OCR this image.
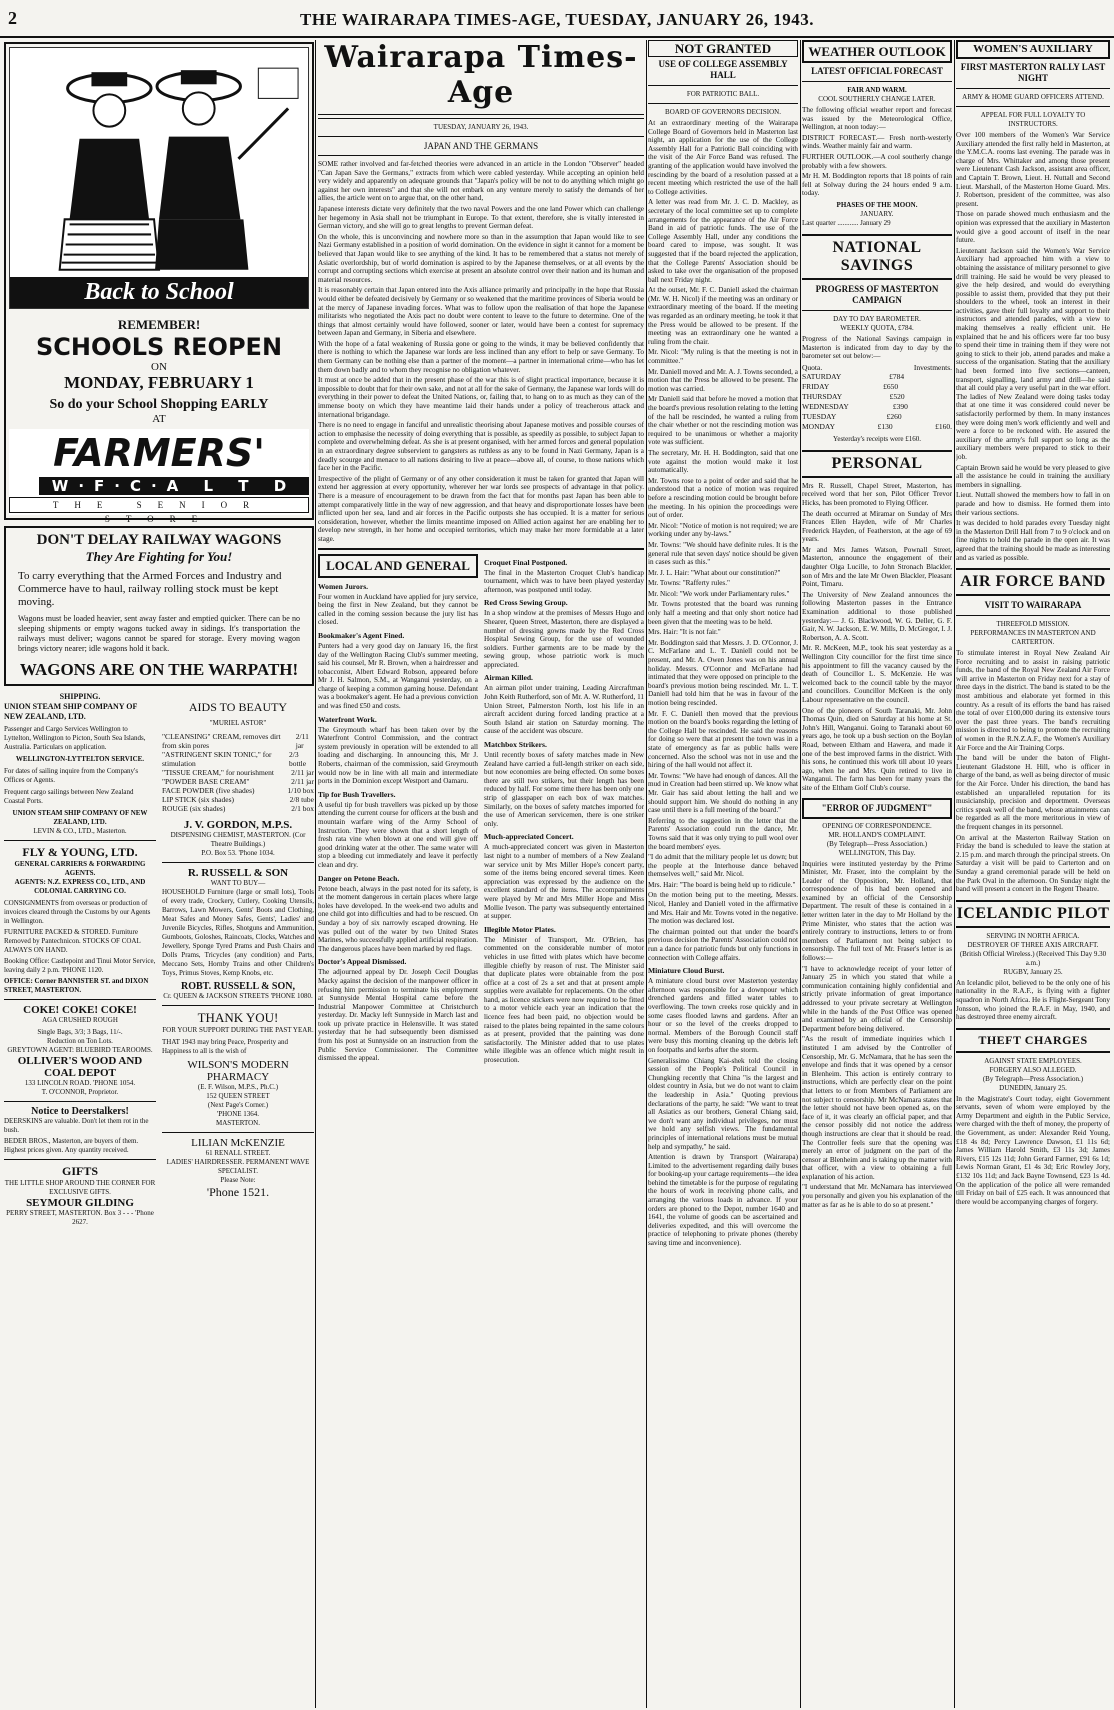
2	THE WAIRARAPA TIMES-AGE, TUESDAY, JANUARY 26, 1943.
Back to School
REMEMBER!
SCHOOLS REOPEN
ON
MONDAY, FEBRUARY 1
So do your School Shopping EARLY
AT
FARMERS'
W·F·C·A L T D
THE SENIOR STORE
DON'T DELAY RAILWAY WAGONS
They Are Fighting for You!
To carry everything that the Armed Forces and Industry and Commerce have to haul, railway rolling stock must be kept moving.
Wagons must be loaded heavier, sent away faster and emptied quicker. There can be no sleeping shipments or empty wagons tucked away in sidings. It's transportation the railways must deliver; wagons cannot be spared for storage. Every moving wagon brings victory nearer; idle wagons hold it back.
WAGONS ARE ON THE WARPATH!
SHIPPING.
UNION STEAM SHIP COMPANY OF NEW ZEALAND, LTD.
Passenger and Cargo Services Wellington to Lyttelton, Wellington to Picton, South Sea Islands, Australia. Particulars on application.
WELLINGTON-LYTTELTON SERVICE.
For dates of sailing inquire from the Company's Offices or Agents.
Frequent cargo sailings between New Zealand Coastal Ports.
UNION STEAM SHIP COMPANY OF NEW ZEALAND, LTD.
LEVIN & CO., LTD., Masterton.
FLY & YOUNG, LTD.
GENERAL CARRIERS & FORWARDING AGENTS.
AGENTS: N.Z. EXPRESS CO., LTD., AND COLONIAL CARRYING CO.
CONSIGNMENTS from overseas or production of invoices cleared through the Customs by our Agents in Wellington.
FURNITURE PACKED & STORED. Furniture Removed by Pantechnicon. STOCKS OF COAL ALWAYS ON HAND.
Booking Office: Castlepoint and Tinui Motor Service, leaving daily 2 p.m. 'PHONE 1120.
OFFICE: Corner BANNISTER ST. and DIXON STREET, MASTERTON.
COKE! COKE! COKE!
AGA CRUSHED ROUGH
Single Bags, 3/3; 3 Bags, 11/-.
Reduction on Ton Lots.
GREYTOWN AGENT: BLUEBIRD TEAROOMS.
OLLIVER'S WOOD AND COAL DEPOT
133 LINCOLN ROAD. 'PHONE 1054.
T. O'CONNOR, Proprietor.
Notice to Deerstalkers!
DEERSKINS are valuable. Don't let them rot in the bush.
BEDER BROS., Masterton, are buyers of them. Highest prices given. Any quantity received.
GIFTS
THE LITTLE SHOP AROUND THE CORNER FOR EXCLUSIVE GIFTS.
SEYMOUR GILDING
PERRY STREET, MASTERTON. Box 3 - - - 'Phone 2627.
AIDS TO BEAUTY
"MURIEL ASTOR"
"CLEANSING" CREAM, removes dirt from skin pores
2/11 jar
"ASTRINGENT SKIN TONIC," for stimulation
2/3 bottle
"TISSUE CREAM," for nourishment 2/11 jar
"POWDER BASE CREAM"	2/11 jar
FACE POWDER (five shades)	1/10 box
LIP STICK (six shades)	2/8 tube
ROUGE (six shades)	2/1 box
J. V. GORDON, M.P.S.
DISPENSING CHEMIST, MASTERTON. (Cor Theatre Buildings.)
P.O. Box 53. 'Phone 1034.
R. RUSSELL & SON
WANT TO BUY—
HOUSEHOLD Furniture (large or small lots), Tools of every trade, Crockery, Cutlery, Cooking Utensils, Barrows, Lawn Mowers, Gents' Boots and Clothing, Meat Safes and Money Safes, Gents', Ladies' and Juvenile Bicycles, Rifles, Shotguns and Ammunition, Gumboots, Goloshes, Raincoats, Clocks, Watches and Jewellery, Sponge Tyred Prams and Push Chairs and Dolls Prams, Tricycles (any condition) and Parts, Meccano Sets, Hornby Trains and other Children's Toys, Primus Stoves, Kemp Knobs, etc.
ROBT. RUSSELL & SON,
Cr. QUEEN & JACKSON STREETS 'PHONE 1080.
THANK YOU!
FOR YOUR SUPPORT DURING THE PAST YEAR.
THAT 1943 may bring Peace, Prosperity and Happiness to all is the wish of
WILSON'S MODERN PHARMACY
(E. F. Wilson, M.P.S., Ph.C.)
152 QUEEN STREET
(Next Page's Corner.)
'PHONE 1364.
MASTERTON.
LILIAN McKENZIE
61 RENALL STREET.
LADIES' HAIRDRESSER. PERMANENT WAVE SPECIALIST.
Please Note:
'Phone 1521.
Wairarapa Times-Age
TUESDAY, JANUARY 26, 1943.
JAPAN AND THE GERMANS
SOME rather involved and far-fetched theories were advanced in an article in the London "Observer" headed "Can Japan Save the Germans," extracts from which were cabled yesterday. While accepting an opinion held very widely and apparently on adequate grounds that "Japan's policy will be not to do anything which might go against her own interests" and that she will not embark on any venture merely to satisfy the demands of her allies, the article went on to argue that, on the other hand,
Japanese interests dictate very definitely that the two naval Powers and the one land Power which can challenge her hegemony in Asia shall not be triumphant in Europe. To that extent, therefore, she is vitally interested in German victory, and she will go to great lengths to prevent German defeat.
On the whole, this is unconvincing and nowhere more so than in the assumption that Japan would like to see Nazi Germany established in a position of world domination. On the evidence in sight it cannot for a moment be believed that Japan would like to see anything of the kind. It has to be remembered that a status not merely of Asiatic overlordship, but of world domination is aspired to by the Japanese themselves, or at all events by the corrupt and corrupting sections which exercise at present an absolute control over their nation and its human and material resources.
It is reasonably certain that Japan entered into the Axis alliance primarily and principally in the hope that Russia would either be defeated decisively by Germany or so weakened that the maritime provinces of Siberia would be at the mercy of Japanese invading forces. What was to follow upon the realisation of that hope the Japanese militarists who negotiated the Axis pact no doubt were content to leave to the future to determine. One of the things that almost certainly would have followed, sooner or later, would have been a contest for supremacy between Japan and Germany, in Siberia and elsewhere.
With the hope of a fatal weakening of Russia gone or going to the winds, it may be believed confidently that there is nothing to which the Japanese war lords are less inclined than any effort to help or save Germany. To them Germany can be nothing else than a partner of the moment—a partner in international crime—who has let them down badly and to whom they recognise no obligation whatever.
It must at once be added that in the present phase of the war this is of slight practical importance, because it is impossible to doubt that for their own sake, and not at all for the sake of Germany, the Japanese war lords will do everything in their power to defeat the United Nations, or, failing that, to hang on to as much as they can of the immense booty on which they have meantime laid their hands under a policy of treacherous attack and international brigandage.
There is no need to engage in fanciful and unrealistic theorising about Japanese motives and possible courses of action to emphasise the necessity of doing everything that is possible, as speedily as possible, to subject Japan to complete and overwhelming defeat. As she is at present organised, with her armed forces and general population in an extraordinary degree subservient to gangsters as ruthless as any to be found in Nazi Germany, Japan is a deadly scourge and menace to all nations desiring to live at peace—above all, of course, to those nations which face her in the Pacific.
Irrespective of the plight of Germany or of any other consideration it must be taken for granted that Japan will extend her aggression at every opportunity, wherever her war lords see prospects of advantage in that policy. There is a measure of encouragement to be drawn from the fact that for months past Japan has been able to attempt comparatively little in the way of new aggression, and that heavy and disproportionate losses have been inflicted upon her sea, land and air forces in the Pacific outposts she has occupied. It is a matter for serious consideration, however, whether the limits meantime imposed on Allied action against her are enabling her to develop new strength, in her home and occupied territories, which may make her more formidable at a later stage.
LOCAL AND GENERAL
Women Jurors.
Four women in Auckland have applied for jury service, being the first in New Zealand, but they cannot be called in the coming session because the jury list has closed.
Bookmaker's Agent Fined.
Punters had a very good day on January 16, the first day of the Wellington Racing Club's summer meeting, said his counsel, Mr R. Brown, when a hairdresser and tobacconist, Albert Edward Robson, appeared before Mr J. H. Salmon, S.M., at Wanganui yesterday, on a charge of keeping a common gaming house. Defendant was a bookmaker's agent. He had a previous conviction and was fined £50 and costs.
Waterfront Work.
The Greymouth wharf has been taken over by the Waterfront Control Commission, and the contract system previously in operation will be extended to all loading and discharging. In announcing this, Mr J. Roberts, chairman of the commission, said Greymouth would now be in line with all main and intermediate ports in the Dominion except Westport and Oamaru.
Tip for Bush Travellers.
A useful tip for bush travellers was picked up by those attending the current course for officers at the bush and mountain warfare wing of the Army School of Instruction. They were shown that a short length of fresh rata vine when blown at one end will give off good drinking water at the other. The same water will stop a bleeding cut immediately and leave it perfectly clean and dry.
Danger on Petone Beach.
Petone beach, always in the past noted for its safety, is at the moment dangerous in certain places where large holes have developed. In the week-end two adults and one child got into difficulties and had to be rescued. On Sunday a boy of six narrowly escaped drowning. He was pulled out of the water by two United States Marines, who successfully applied artificial respiration. The dangerous places have been marked by red flags.
Doctor's Appeal Dismissed.
The adjourned appeal by Dr. Joseph Cecil Douglas Macky against the decision of the manpower officer in refusing him permission to terminate his employment at Sunnyside Mental Hospital came before the Industrial Manpower Committee at Christchurch yesterday. Dr. Macky left Sunnyside in March last and took up private practice in Helensville. It was stated yesterday that he had subsequently been dismissed from his post at Sunnyside on an instruction from the Public Service Commissioner. The Committee dismissed the appeal.
Croquet Final Postponed.
The final in the Masterton Croquet Club's handicap tournament, which was to have been played yesterday afternoon, was postponed until today.
Red Cross Sewing Group.
In a shop window at the premises of Messrs Hugo and Shearer, Queen Street, Masterton, there are displayed a number of dressing gowns made by the Red Cross Hospital Sewing Group, for the use of wounded soldiers. Further garments are to be made by the sewing group, whose patriotic work is much appreciated.
Airman Killed.
An airman pilot under training, Leading Aircraftman John Keith Rutherford, son of Mr. A. W. Rutherford, 11 Union Street, Palmerston North, lost his life in an aircraft accident during forced landing practice at a South Island air station on Saturday morning. The cause of the accident was obscure.
Matchbox Strikers.
Until recently boxes of safety matches made in New Zealand have carried a full-length striker on each side, but now economies are being effected. On some boxes there are still two strikers, but their length has been reduced by half. For some time there has been only one strip of glasspaper on each box of wax matches. Similarly, on the boxes of safety matches imported for the use of American servicemen, there is one striker only.
Much-appreciated Concert.
A much-appreciated concert was given in Masterton last night to a number of members of a New Zealand war service unit by Mrs Miller Hope's concert party, some of the items being encored several times. Keen appreciation was expressed by the audience on the excellent standard of the items. The accompaniments were played by Mr and Mrs Miller Hope and Miss Mollie Iveson. The party was subsequently entertained at supper.
Illegible Motor Plates.
The Minister of Transport, Mr. O'Brien, has commented on the considerable number of motor vehicles in use fitted with plates which have become illegible chiefly by reason of rust. The Minister said that duplicate plates were obtainable from the post office at a cost of 2s a set and that at present ample supplies were available for replacements. On the other hand, as licence stickers were now required to be fitted to a motor vehicle each year an indication that the licence fees had been paid, no objection would be raised to the plates being repainted in the same colours as at present, provided that the painting was done satisfactorily. The Minister added that to use plates while illegible was an offence which might result in prosecution.
NOT GRANTED
USE OF COLLEGE ASSEMBLY HALL
FOR PATRIOTIC BALL.
BOARD OF GOVERNORS DECISION.
At an extraordinary meeting of the Wairarapa College Board of Governors held in Masterton last night, an application for the use of the College Assembly Hall for a Patriotic Ball coinciding with the visit of the Air Force Band was refused. The granting of the application would have involved the rescinding by the board of a resolution passed at a recent meeting which restricted the use of the hall to College activities.
A letter was read from Mr. J. C. D. Mackley, as secretary of the local committee set up to complete arrangements for the appearance of the Air Force Band in aid of patriotic funds. The use of the College Assembly Hall, under any conditions the board cared to impose, was sought. It was suggested that if the board rejected the application, that the College Parents' Association should be asked to take over the organisation of the proposed ball next Friday night.
At the outset, Mr. F. C. Daniell asked the chairman (Mr. W. H. Nicol) if the meeting was an ordinary or extraordinary meeting of the board. If the meeting was regarded as an ordinary meeting, he took it that the Press would be allowed to be present. If the meeting was an extraordinary one he wanted a ruling from the chair.
Mr. Nicol: "My ruling is that the meeting is not in committee."
Mr. Daniell moved and Mr. A. J. Towns seconded, a motion that the Press be allowed to be present. The motion was carried.
Mr Daniell said that before he moved a motion that the board's previous resolution relating to the letting of the hall be rescinded, he wanted a ruling from the chair whether or not the rescinding motion was required to be unanimous or whether a majority vote was sufficient.
The secretary, Mr. H. H. Boddington, said that one vote against the motion would make it lost automatically.
Mr. Towns rose to a point of order and said that he understood that a notice of motion was required before a rescinding motion could be brought before the meeting. In his opinion the proceedings were out of order.
Mr. Nicol: "Notice of motion is not required; we are working under any by-laws."
Mr. Towns: "We should have definite rules. It is the general rule that seven days' notice should be given in cases such as this."
Mr. J. L. Hair: "What about our constitution?"
Mr. Towns: "Rafferty rules."
Mr. Nicol: "We work under Parliamentary rules."
Mr. Towns protested that the board was running only half a meeting and that only short notice had been given that the meeting was to be held.
Mrs. Hair: "It is not fair."
Mr. Boddington said that Messrs. J. D. O'Connor, J. C. McFarlane and L. T. Daniell could not be present, and Mr. A. Owen Jones was on his annual holiday. Messrs. O'Connor and McFarlane had intimated that they were opposed on principle to the board's previous motion being rescinded. Mr. L. T. Daniell had told him that he was in favour of the motion being rescinded.
Mr. F. C. Daniell then moved that the previous motion on the board's books regarding the letting of the College Hall be rescinded. He said the reasons for doing so were that at present the town was in a state of emergency as far as public halls were concerned. Also the school was not in use and the hiring of the hall would not affect it.
Mr. Towns: "We have had enough of dances. All the mud in Creation had been stirred up. We know what Mr. Gair has said about letting the hall and we should support him. We should do nothing in any case until there is a full meeting of the board."
Referring to the suggestion in the letter that the Parents' Association could run the dance, Mr. Towns said that it was only trying to pull wool over the board members' eyes.
"I do admit that the military people let us down; but the people at the Interhouse dance behaved themselves well," said Mr. Nicol.
Mrs. Hair: "The board is being held up to ridicule."
On the motion being put to the meeting, Messrs. Nicol, Hanley and Daniell voted in the affirmative and Mrs. Hair and Mr. Towns voted in the negative. The motion was declared lost.
The chairman pointed out that under the board's previous decision the Parents' Association could not run a dance for patriotic funds but only functions in connection with College affairs.
Miniature Cloud Burst.
A miniature cloud burst over Masterton yesterday afternoon was responsible for a downpour which drenched gardens and filled water tables to overflowing. The town creeks rose quickly and in some cases flooded lawns and gardens. After an hour or so the level of the creeks dropped to normal. Members of the Borough Council staff were busy this morning cleaning up the debris left on footpaths and kerbs after the storm.
Generalissimo Chiang Kai-shek told the closing session of the People's Political Council in Chungking recently that China "is the largest and oldest country in Asia, but we do not want to claim the leadership in Asia." Quoting previous declarations of the party, he said: "We want to treat all Asiatics as our brothers, General Chiang said, we don't want any individual privileges, nor must we hold any selfish views. The fundamental principles of international relations must be mutual help and sympathy," he said.
Attention is drawn by Transport (Wairarapa) Limited to the advertisement regarding daily buses for booking-up your cartage requirements—the idea behind the timetable is for the purpose of regulating the hours of work in receiving phone calls, and arranging the various loads in advance. If your orders are phoned to the Depot, number 1640 and 1641, the volume of goods can be ascertained and deliveries expedited, and this will overcome the practice of telephoning to private phones (thereby saving time and inconvenience).
WEATHER OUTLOOK
LATEST OFFICIAL FORECAST
FAIR AND WARM.
COOL SOUTHERLY CHANGE LATER.
The following official weather report and forecast was issued by the Meteorological Office, Wellington, at noon today:—
DISTRICT FORECAST.— Fresh north-westerly winds. Weather mainly fair and warm.
FURTHER OUTLOOK.—A cool southerly change probably with a few showers.
Mr H. M. Boddington reports that 18 points of rain fell at Solway during the 24 hours ended 9 a.m. today.
PHASES OF THE MOON.
JANUARY.
Last quarter ............ January 29
NATIONAL SAVINGS
PROGRESS OF MASTERTON CAMPAIGN
DAY TO DAY BAROMETER.
WEEKLY QUOTA, £784.
Progress of the National Savings campaign in Masterton is indicated from day to day by the barometer set out below:—
Quota.	Investments.
SATURDAY	£784
FRIDAY	£650
THURSDAY	£520
WEDNESDAY	£390
TUESDAY	£260
MONDAY	£130	£160.
Yesterday's receipts were £160.
PERSONAL
Mrs R. Russell, Chapel Street, Masterton, has received word that her son, Pilot Officer Trevor Hicks, has been promoted to Flying Officer.
The death occurred at Miramar on Sunday of Mrs Frances Ellen Hayden, wife of Mr Charles Frederick Hayden, of Featherston, at the age of 69 years.
Mr and Mrs James Watson, Pownall Street, Masterton, announce the engagement of their daughter Olga Lucille, to John Stronach Blackler, son of Mrs and the late Mr Owen Blackler, Pleasant Point, Timaru.
The University of New Zealand announces the following Masterton passes in the Entrance Examination additional to those published yesterday:— J. G. Blackwood, W. G. Deller, G. F. Gair, N. W. Jackson, E. W. Mills, D. McGregor, I. J. Robertson, A. A. Scott.
Mr. R. McKeen, M.P., took his seat yesterday as a Wellington City councillor for the first time since his appointment to fill the vacancy caused by the death of Councillor L. S. McKenzie. He was welcomed back to the council table by the mayor and councillors. Councillor McKeen is the only Labour representative on the council.
One of the pioneers of South Taranaki, Mr. John Thomas Quin, died on Saturday at his home at St. John's Hill, Wanganui. Going to Taranaki about 60 years ago, he took up a bush section on the Boylan Road, between Eltham and Hawera, and made it one of the best improved farms in the district. With his sons, he continued this work till about 10 years ago, when he and Mrs. Quin retired to live in Wanganui. The farm has been for many years the site of the Eltham Golf Club's course.
"ERROR OF JUDGMENT"
OPENING OF CORRESPONDENCE.
MR. HOLLAND'S COMPLAINT.
(By Telegraph—Press Association.)
WELLINGTON, This Day.
Inquiries were instituted yesterday by the Prime Minister, Mr. Fraser, into the complaint by the Leader of the Opposition, Mr. Holland, that correspondence of his had been opened and examined by an official of the Censorship Department. The result of these is contained in a letter written later in the day to Mr Holland by the Prime Minister, who states that the action was entirely contrary to instructions, letters to or from members of Parliament not being subject to censorship. The full text of Mr. Fraser's letter is as follows:—
"I have to acknowledge receipt of your letter of January 25 in which you stated that while a communication containing highly confidential and strictly private information of great importance addressed to your private secretary at Wellington while in the hands of the Post Office was opened and examined by an official of the Censorship Department before being delivered.
"As the result of immediate inquiries which I instituted I am advised by the Controller of Censorship, Mr. G. McNamara, that he has seen the envelope and finds that it was opened by a censor in Blenheim. This action is entirely contrary to instructions, which are perfectly clear on the point that letters to or from Members of Parliament are not subject to censorship. Mr McNamara states that the letter should not have been opened as, on the face of it, it was clearly an official paper, and that the censor possibly did not notice the address though instructions are clear that it should be read. The Controller feels sure that the opening was merely an error of judgment on the part of the censor at Blenheim and is taking up the matter with that officer, with a view to obtaining a full explanation of his action.
"I understand that Mr. McNamara has interviewed you personally and given you his explanation of the matter as far as he is able to do so at present."
WOMEN'S AUXILIARY
FIRST MASTERTON RALLY LAST NIGHT
ARMY & HOME GUARD OFFICERS ATTEND.
APPEAL FOR FULL LOYALTY TO INSTRUCTORS.
Over 100 members of the Women's War Service Auxiliary attended the first rally held in Masterton, at the Y.M.C.A. rooms last evening. The parade was in charge of Mrs. Whittaker and among those present were Lieutenant Cash Jackson, assistant area officer, and Captain T. Brown, Lieut. H. Nuttall and Second Lieut. Marshall, of the Masterton Home Guard. Mrs. J. Robertson, president of the committee, was also present.
Those on parade showed much enthusiasm and the opinion was expressed that the auxiliary in Masterton would give a good account of itself in the near future.
Lieutenant Jackson said the Women's War Service Auxiliary had approached him with a view to obtaining the assistance of military personnel to give drill training. He said he would be very pleased to give the help desired, and would do everything possible to assist them, provided that they put their shoulders to the wheel, took an interest in their activities, gave their full loyalty and support to their instructors and attended parades, with a view to making themselves a really efficient unit. He explained that he and his officers were far too busy to spend their time in training them if they were not going to stick to their job, attend parades and make a success of the organisation. Stating that the auxiliary had been formed into five sections—canteen, transport, signalling, land army and drill—he said that all could play a very useful part in the war effort. The ladies of New Zealand were doing tasks today that at one time it was considered could never be satisfactorily performed by them. In many instances they were doing men's work efficiently and well and were a force to be reckoned with. He assured the auxiliary of the army's full support so long as the auxiliary members were prepared to stick to their job.
Captain Brown said he would be very pleased to give all the assistance he could in training the auxiliary members in signalling.
Lieut. Nuttall showed the members how to fall in on parade and how to dismiss. He formed them into their various sections.
It was decided to hold parades every Tuesday night in the Masterton Drill Hall from 7 to 9 o'clock and on fine nights to hold the parade in the open air. It was agreed that the training should be made as interesting and as varied as possible.
AIR FORCE BAND
VISIT TO WAIRARAPA
THREEFOLD MISSION.
PERFORMANCES IN MASTERTON AND CARTERTON.
To stimulate interest in Royal New Zealand Air Force recruiting and to assist in raising patriotic funds, the band of the Royal New Zealand Air Force will arrive in Masterton on Friday next for a stay of three days in the district. The band is stated to be the most ambitious and elaborate yet formed in this country. As a result of its efforts the band has raised the total of over £100,000 during its extensive tours over the past three years. The band's recruiting mission is directed to being to promote the recruiting of women in the R.N.Z.A.F., the Women's Auxiliary Air Force and the Air Training Corps.
The band will be under the baton of Flight-Lieutenant Gladstone H. Hill, who is officer in charge of the band, as well as being director of music for the Air Force. Under his direction, the band has established an unparalleled reputation for its musicianship, precision and deportment. Overseas critics speak well of the band, whose attainments can be regarded as all the more meritorious in view of the frequent changes in its personnel.
On arrival at the Masterton Railway Station on Friday the band is scheduled to leave the station at 2.15 p.m. and march through the principal streets. On Saturday a visit will be paid to Carterton and on Sunday a grand ceremonial parade will be held on the Park Oval in the afternoon. On Sunday night the band will present a concert in the Regent Theatre.
ICELANDIC PILOT
SERVING IN NORTH AFRICA.
DESTROYER OF THREE AXIS AIRCRAFT.
(British Official Wireless.) (Received This Day 9.30 a.m.)
RUGBY, January 25.
An Icelandic pilot, believed to be the only one of his nationality in the R.A.F., is flying with a fighter squadron in North Africa. He is Flight-Sergeant Tony Jonsson, who joined the R.A.F. in May, 1940, and has destroyed three enemy aircraft.
THEFT CHARGES
AGAINST STATE EMPLOYEES.
FORGERY ALSO ALLEGED.
(By Telegraph—Press Association.)
DUNEDIN, January 25.
In the Magistrate's Court today, eight Government servants, seven of whom were employed by the Army Department and eighth in the Public Service, were charged with the theft of money, the property of the Government, as under: Alexander Reid Young, £18 4s 8d; Percy Lawrence Dawson, £1 11s 6d; James William Harold Smith, £3 11s 3d; James Rivers, £15 12s 11d; John Gerard Farmer, £91 6s 1d; Lewis Norman Grant, £1 4s 3d; Eric Rowley Jory, £132 10s 11d; and Jack Bayne Townsend, £23 1s 4d. On the application of the police all were remanded till Friday on bail of £25 each. It was announced that there would be accompanying charges of forgery.
